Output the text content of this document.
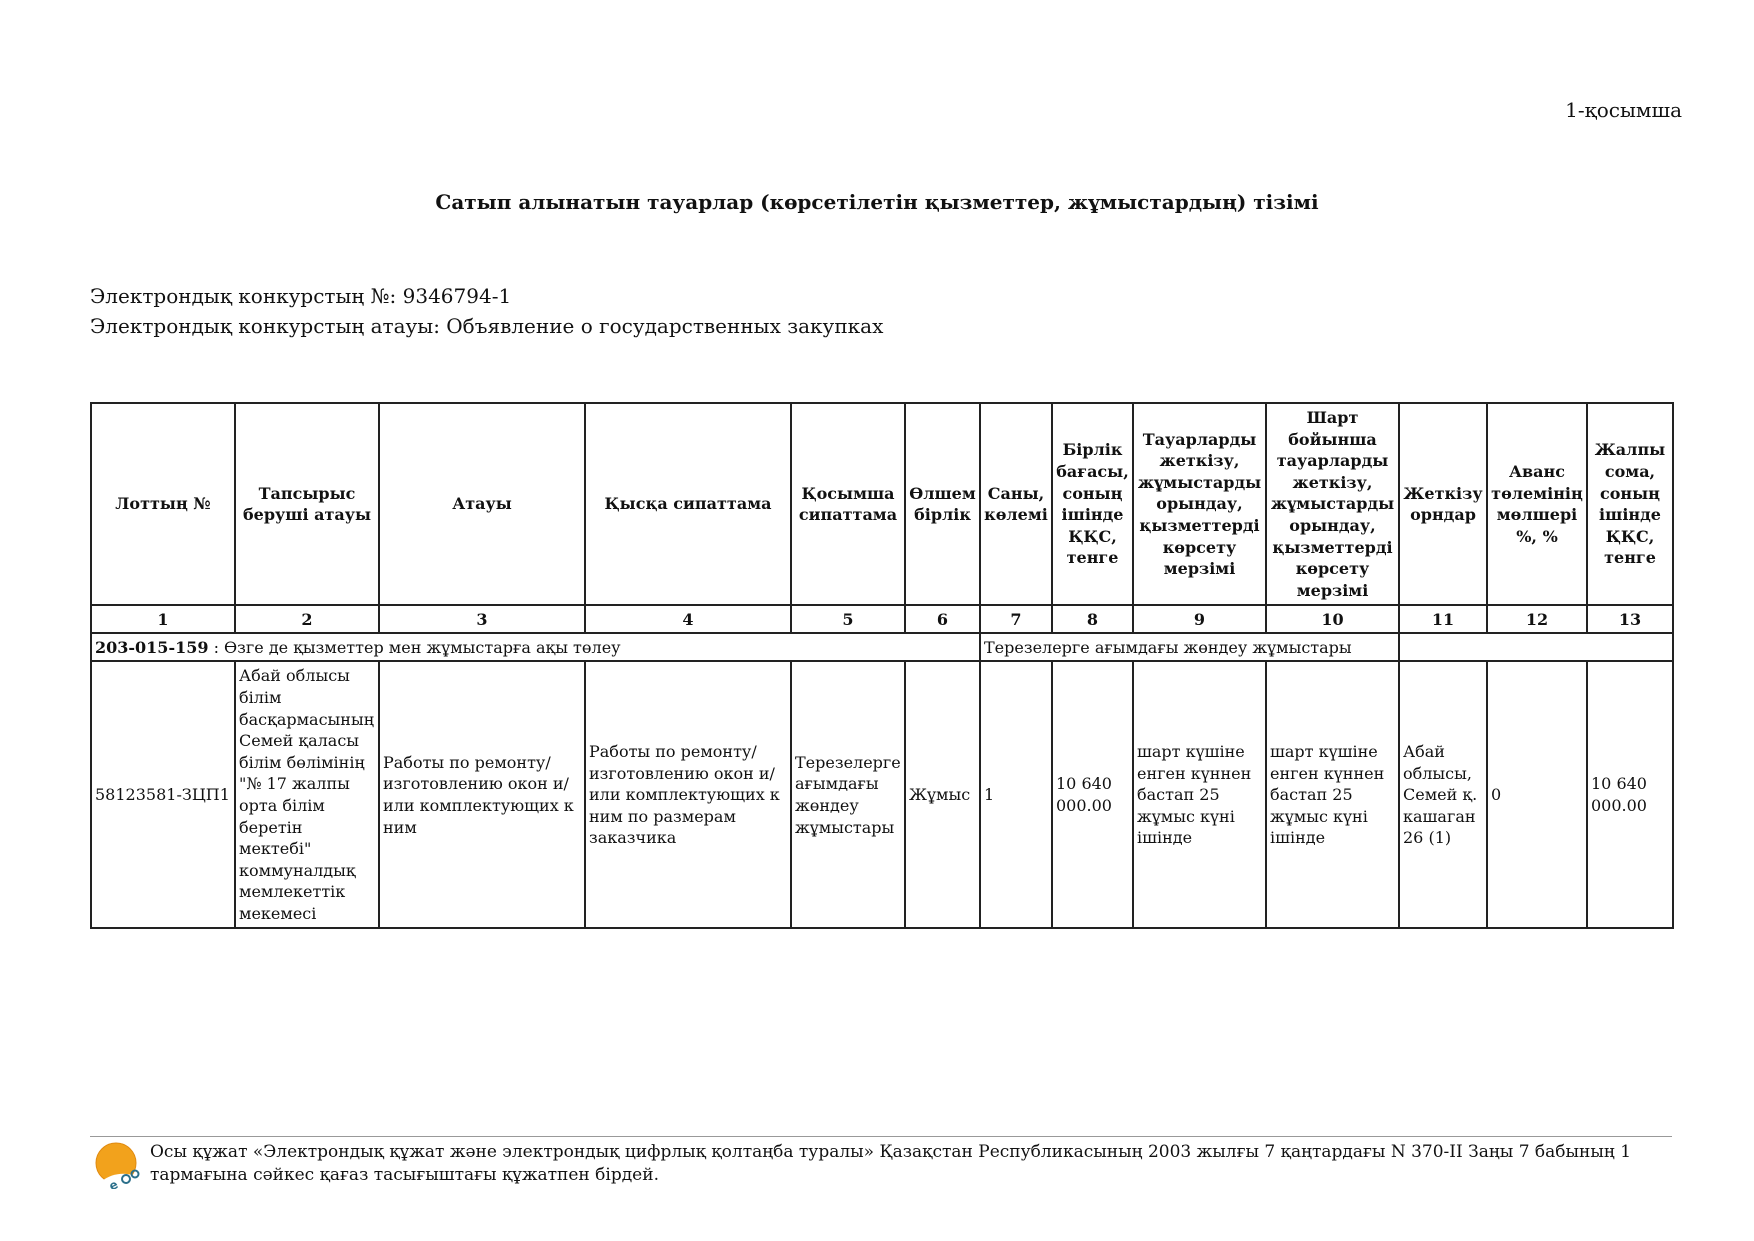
1-қосымша
Сатып алынатын тауарлар (көрсетілетін қызметтер, жұмыстардың) тізімі
Электрондық конкурстың №: 9346794-1
Электрондық конкурстың атауы: Объявление о государственных закупках
Лоттың №	Тапсырыс беруші атауы	Атауы	Қысқа сипаттама	Қосымша сипаттама	Өлшем бірлік	Саны, көлемі	Бірлік бағасы, соның ішінде ҚҚС, тенге	Тауарларды жеткізу, жұмыстарды орындау, қызметтерді көрсету мерзімі	Шарт бойынша тауарларды жеткізу, жұмыстарды орындау, қызметтерді көрсету мерзімі	Жеткізу орндар	Аванс төлемінің мөлшері %, %	Жалпы сома, соның ішінде ҚҚС, тенге
1	2	3	4	5	6	7	8	9	10	11	12	13
203-015-159 : Өзге де қызметтер мен жұмыстарға ақы төлеу						Терезелерге ағымдағы жөндеу жұмыстары						
58123581-ЗЦП1	Абай облысы білім басқармасының Семей қаласы білім бөлімінің "№ 17 жалпы орта білім беретін мектебі" коммуналдық мемлекеттік мекемесі	Работы по ремонту/изготовлению окон и/или комплектующих к ним	Работы по ремонту/изготовлению окон и/или комплектующих к ним по размерам заказчика	Терезелерге ағымдағы жөндеу жұмыстары	Жұмыс	1	10 640 000.00	шарт күшіне енген күннен бастап 25 жұмыс күні ішінде	шарт күшіне енген күннен бастап 25 жұмыс күні ішінде	Абай облысы, Семей қ. кашаган 26 (1)	0	10 640 000.00
e
Осы құжат «Электрондық құжат және электрондық цифрлық қолтаңба туралы» Қазақстан Республикасының 2003 жылғы 7 қаңтардағы N 370-II Заңы 7 бабының 1 тармағына сәйкес қағаз тасығыштағы құжатпен бірдей.
